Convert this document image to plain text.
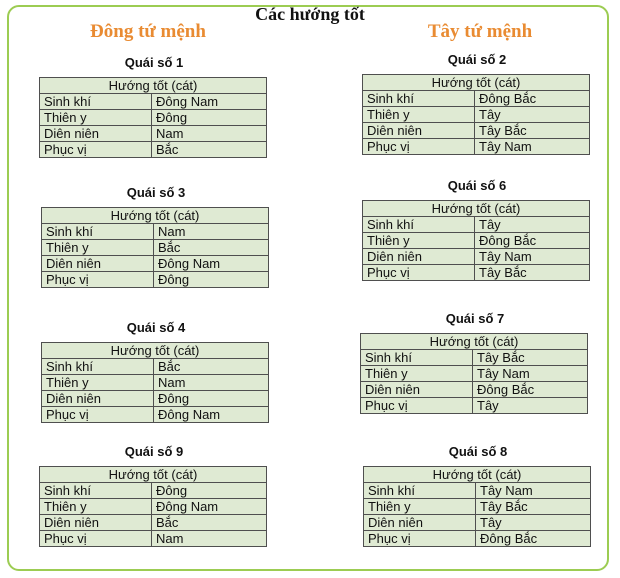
Các hướng tốt
Đông tứ mệnh	Tây tứ mệnh
Quái số 1
Hướng tốt (cát)	
Sinh khí	Đông Nam
Thiên y	Đông
Diên niên	Nam
Phục vị	Bắc
Quái số 3
Hướng tốt (cát)	
Sinh khí	Nam
Thiên y	Bắc
Diên niên	Đông Nam
Phục vị	Đông
Quái số 4
Hướng tốt (cát)	
Sinh khí	Bắc
Thiên y	Nam
Diên niên	Đông
Phục vị	Đông Nam
Quái số 9
Hướng tốt (cát)	
Sinh khí	Đông
Thiên y	Đông Nam
Diên niên	Bắc
Phục vị	Nam
Quái số 2
Hướng tốt (cát)	
Sinh khí	Đông Bắc
Thiên y	Tây
Diên niên	Tây Bắc
Phục vị	Tây Nam
Quái số 6
Hướng tốt (cát)	
Sinh khí	Tây
Thiên y	Đông Bắc
Diên niên	Tây Nam
Phục vị	Tây Bắc
Quái số 7
Hướng tốt (cát)	
Sinh khí	Tây Bắc
Thiên y	Tây Nam
Diên niên	Đông Bắc
Phục vị	Tây
Quái số 8
Hướng tốt (cát)	
Sinh khí	Tây Nam
Thiên y	Tây Bắc
Diên niên	Tây
Phục vị	Đông Bắc
